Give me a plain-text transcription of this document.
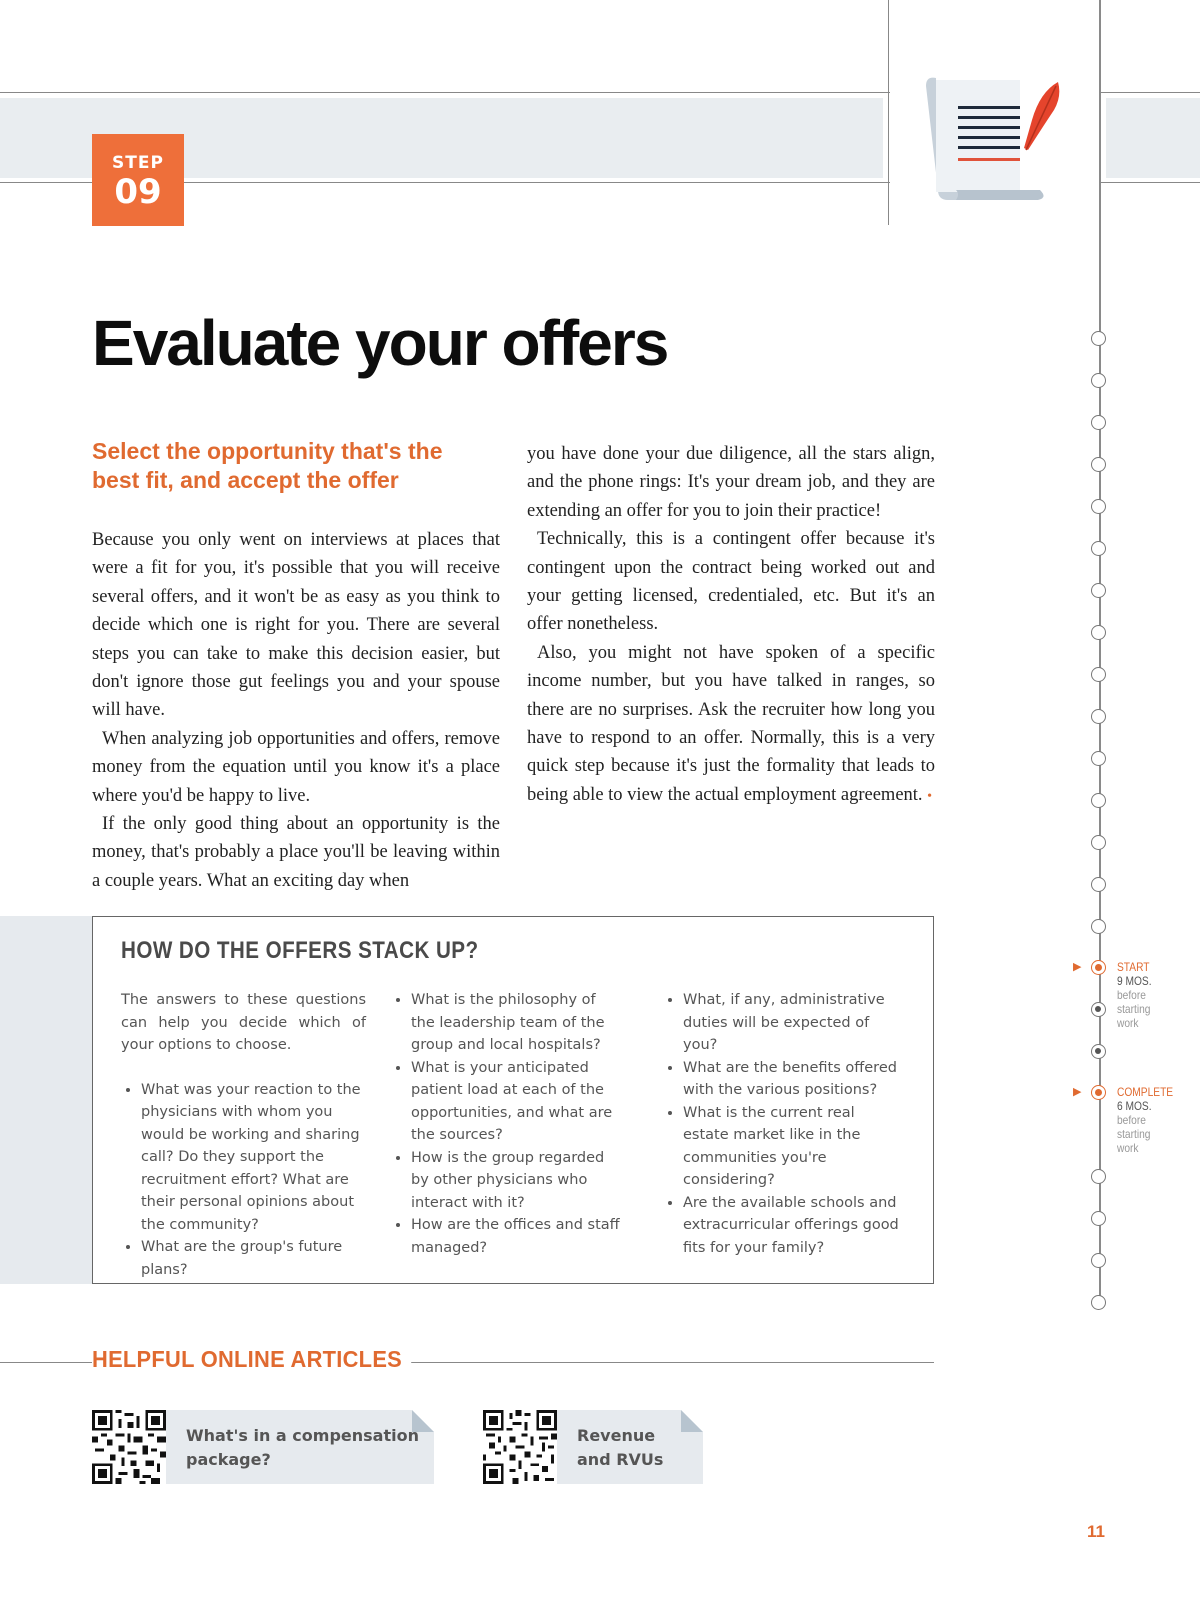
STEP
09
Evaluate your offers
Select the opportunity that's the best fit, and accept the offer

Because you only went on interviews at places that were a fit for you, it's possible that you will receive several offers, and it won't be as easy as you think to decide which one is right for you. There are several steps you can take to make this decision easier, but don't ignore those gut feelings you and your spouse will have.

When analyzing job opportunities and offers, remove money from the equation until you know it's a place where you'd be happy to live.

If the only good thing about an opportunity is the money, that's probably a place you'll be leaving within a couple years. What an exciting day when

you have done your due diligence, all the stars align, and the phone rings: It's your dream job, and they are extending an offer for you to join their practice!

Technically, this is a contingent offer because it's contingent upon the contract being worked out and your getting licensed, credentialed, etc. But it's an offer nonetheless.

Also, you might not have spoken of a specific income number, but you have talked in ranges, so there are no surprises. Ask the recruiter how long you have to respond to an offer. Normally, this is a very quick step because it's just the formality that leads to being able to view the actual employment agreement. •

HOW DO THE OFFERS STACK UP?

The answers to these questions can help you decide which of your options to choose.

• What was your reaction to the physicians with whom you would be working and sharing call? Do they support the recruitment effort? What are their personal opinions about the community?
• What are the group's future plans?
• What is the philosophy of the leadership team of the group and local hospitals?
• What is your anticipated patient load at each of the opportunities, and what are the sources?
• How is the group regarded by other physicians who interact with it?
• How are the offices and staff managed?
• What, if any, administrative duties will be expected of you?
• What are the benefits offered with the various positions?
• What is the current real estate market like in the communities you're considering?
• Are the available schools and extracurricular offerings good fits for your family?
▶
▶
START
9 MOS.
before
starting
work
COMPLETE
6 MOS.
before
starting
work
HELPFUL ONLINE ARTICLES

What's in a compensation
package?

Revenue
and RVUs

11
